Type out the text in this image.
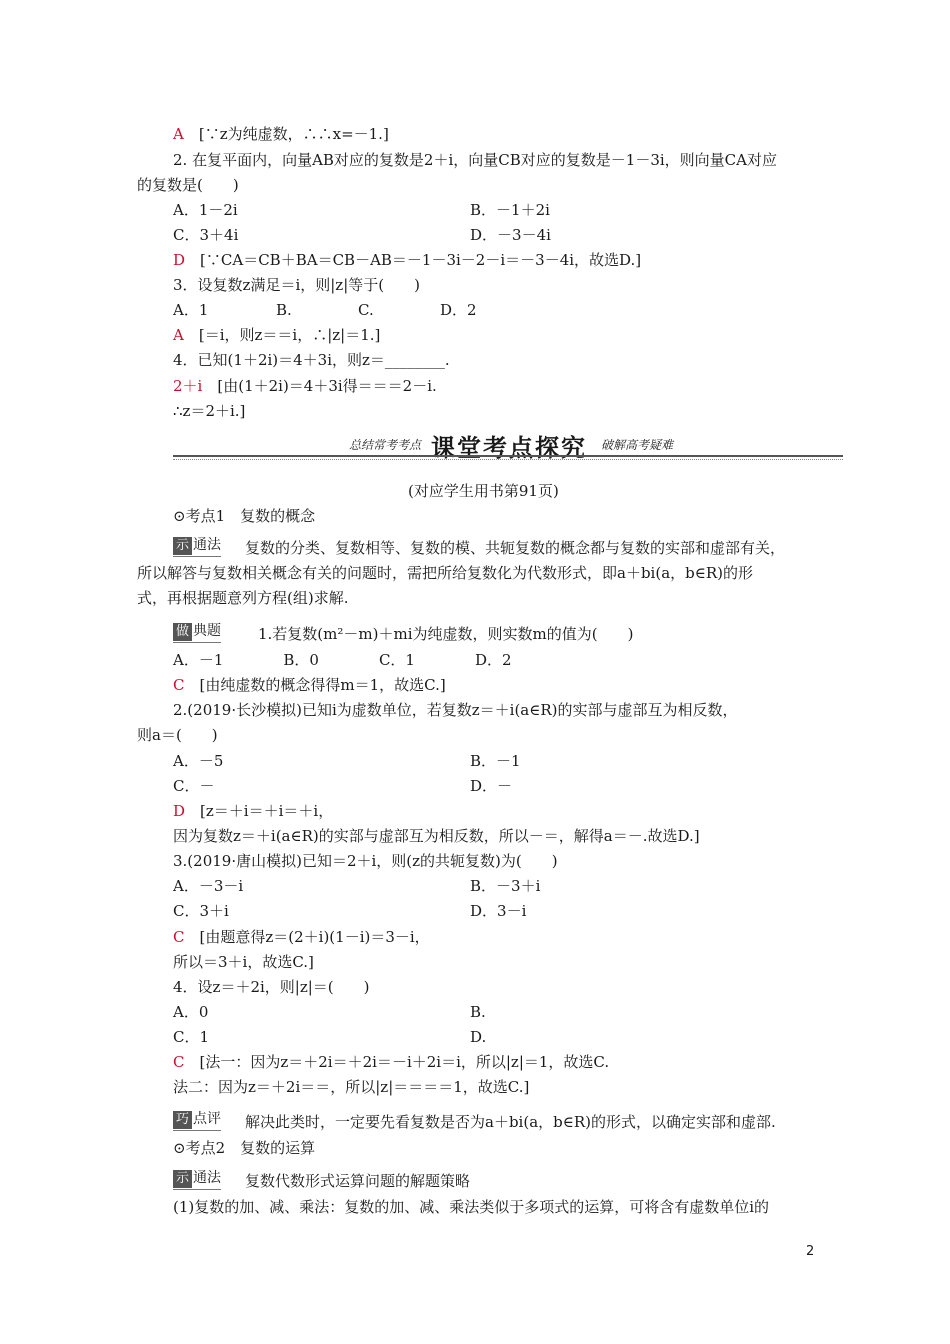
A　 [∵z为纯虚数，∴∴x=－1.]
2. 在复平面内，向量AB对应的复数是2＋i，向量CB对应的复数是－1－3i，则向量CA对应
的复数是(　　)
A．1－2i	B．－1＋2i
C．3＋4i	D．－3－4i
D　 [∵CA＝CB＋BA＝CB－AB＝－1－3i－2－i＝－3－4i，故选D.]
3．设复数z满足＝i，则|z|等于(　　)
A．1	B.	C.	D．2
A　 [＝i，则z＝＝i，∴|z|＝1.]
4．已知(1＋2i)＝4＋3i，则z＝________.
2＋i　 [由(1＋2i)＝4＋3i得＝＝＝2－i.
∴z＝2＋i.]
总结常考考点 课堂考点探究 破解高考疑难
(对应学生用书第91页)
⊙考点1　复数的概念
示 通法 复数的分类、复数相等、复数的模、共轭复数的概念都与复数的实部和虚部有关，
所以解答与复数相关概念有关的问题时，需把所给复数化为代数形式，即a＋bi(a，b∈R)的形
式，再根据题意列方程(组)求解.
做 典题 1.若复数(m²－m)＋mi为纯虚数，则实数m的值为(　　)
A．－1　　　　B．0　　　　C．1　　　　D．2
C　 [由纯虚数的概念得得m＝1，故选C.]
2.(2019·长沙模拟)已知i为虚数单位，若复数z＝＋i(a∈R)的实部与虚部互为相反数，
则a＝(　　)
A．－5	B．－1
C．－	D．－
D　 [z＝＋i＝＋i＝＋i，
因为复数z＝＋i(a∈R)的实部与虚部互为相反数，所以－＝，解得a＝－.故选D.]
3.(2019·唐山模拟)已知＝2＋i，则(z的共轭复数)为(　　)
A．－3－i	B．－3＋i
C．3＋i	D．3－i
C　 [由题意得z＝(2＋i)(1－i)＝3－i，
所以＝3＋i，故选C.]
4．设z＝＋2i，则|z|＝(　　)
A．0	B.
C．1	D.
C　 [法一：因为z＝＋2i＝＋2i＝－i＋2i＝i，所以|z|＝1，故选C.
法二：因为z＝＋2i＝＝，所以|z|＝＝＝＝1，故选C.]
巧 点评 解决此类时，一定要先看复数是否为a＋bi(a，b∈R)的形式，以确定实部和虚部.
⊙考点2　复数的运算
示 通法 复数代数形式运算问题的解题策略
(1)复数的加、减、乘法：复数的加、减、乘法类似于多项式的运算，可将含有虚数单位i的
2
